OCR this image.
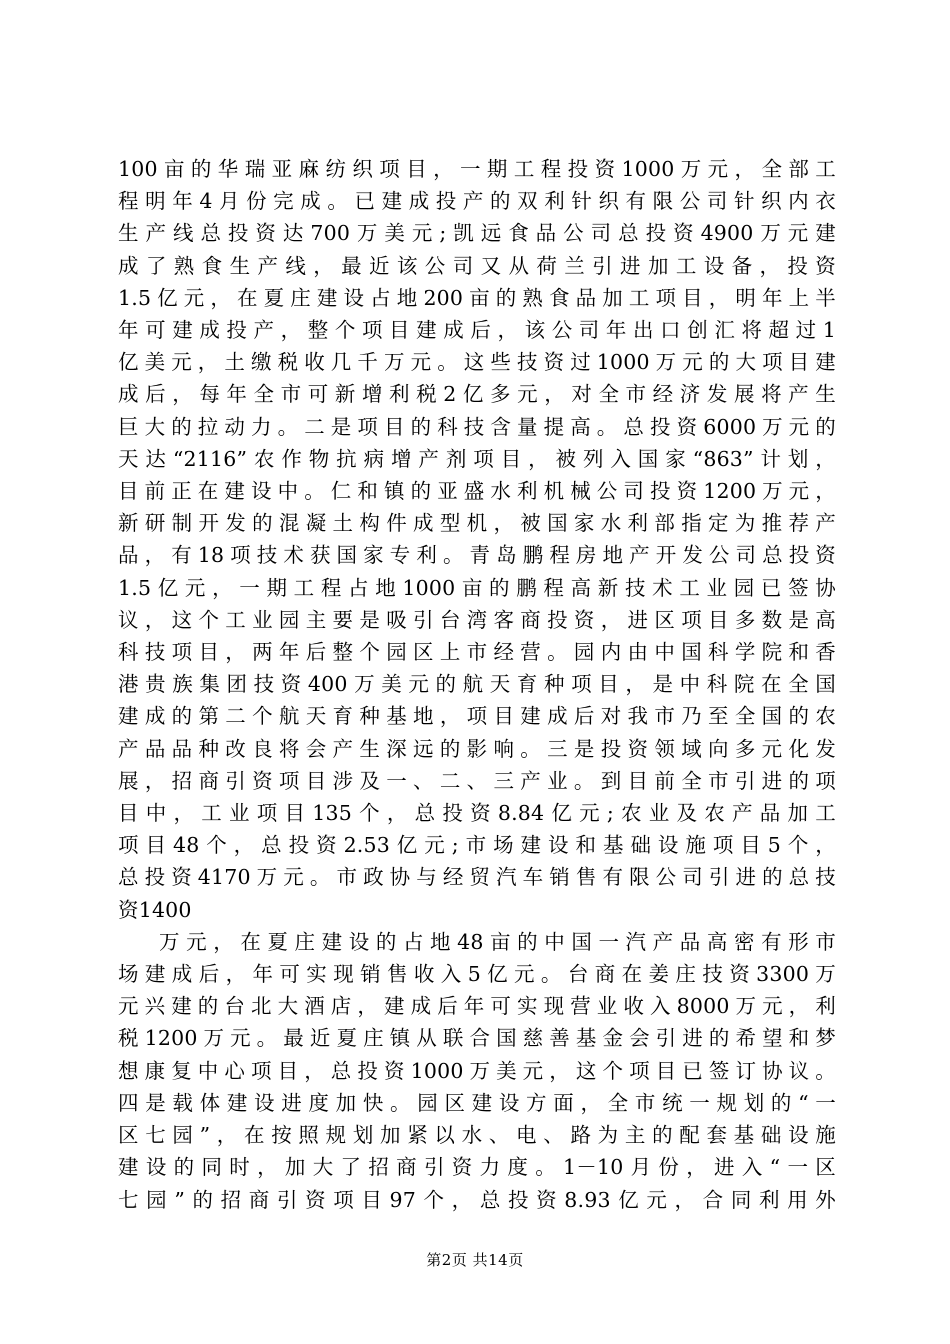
100亩的华瑞亚麻纺织项目，一期工程投资1000万元，全部工
程明年4月份完成。已建成投产的双利针织有限公司针织内衣
生产线总投资达700万美元;凯远食品公司总投资4900万元建
成了熟食生产线，最近该公司又从荷兰引进加工设备，投资
1.5亿元，在夏庄建设占地200亩的熟食品加工项目，明年上半
年可建成投产，整个项目建成后，该公司年出口创汇将超过1
亿美元，土缴税收几千万元。这些技资过1000万元的大项目建
成后，每年全市可新增利税2亿多元，对全市经济发展将产生
巨大的拉动力。二是项目的科技含量提高。总投资6000万元的
天达“2116”农作物抗病增产剂项目，被列入国家“863”计划，
目前正在建设中。仁和镇的亚盛水利机械公司投资1200万元，
新研制开发的混凝土构件成型机，被国家水利部指定为推荐产
品，有18项技术获国家专利。青岛鹏程房地产开发公司总投资
1.5亿元，一期工程占地1000亩的鹏程高新技术工业园已签协
议，这个工业园主要是吸引台湾客商投资，进区项目多数是高
科技项目，两年后整个园区上市经营。园内由中国科学院和香
港贵族集团技资400万美元的航天育种项目，是中科院在全国
建成的第二个航天育种基地，项目建成后对我市乃至全国的农
产品品种改良将会产生深远的影响。三是投资领域向多元化发
展，招商引资项目涉及一、二、三产业。到目前全市引进的项
目中，工业项目135个，总投资8.84亿元;农业及农产品加工
项目48个，总投资2.53亿元;市场建设和基础设施项目5个，
总投资4170万元。市政协与经贸汽车销售有限公司引进的总技
资1400
万元，在夏庄建设的占地48亩的中国一汽产品高密有形市
场建成后，年可实现销售收入5亿元。台商在姜庄技资3300万
元兴建的台北大酒店，建成后年可实现营业收入8000万元，利
税1200万元。最近夏庄镇从联合国慈善基金会引进的希望和梦
想康复中心项目，总投资1000万美元，这个项目已签订协议。
四是载体建设进度加快。园区建设方面，全市统一规划的“一
区七园”，在按照规划加紧以水、电、路为主的配套基础设施
建设的同时，加大了招商引资力度。1－10月份，进入“一区
七园”的招商引资项目97个，总投资8.93亿元，合同利用外
第2页 共14页
